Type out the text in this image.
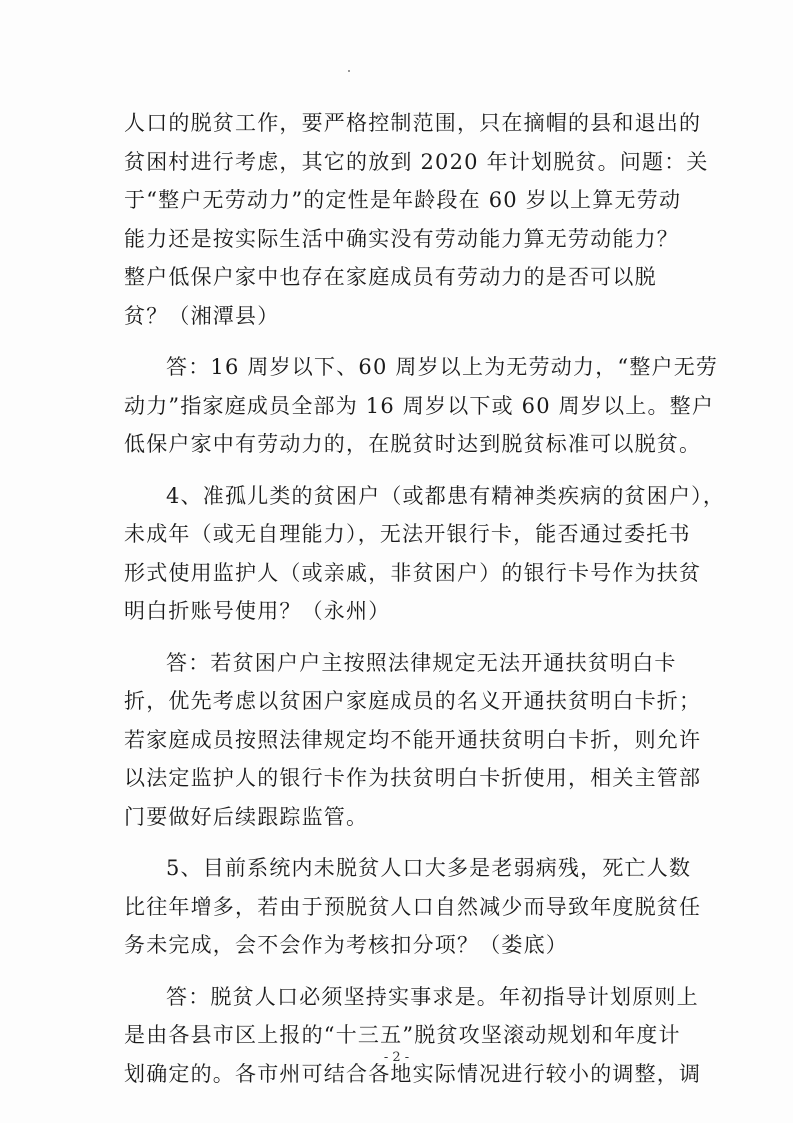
人口的脱贫工作，要严格控制范围，只在摘帽的县和退出的

贫困村进行考虑，其它的放到 2020 年计划脱贫。问题：关

于“整户无劳动力”的定性是年龄段在 60 岁以上算无劳动

能力还是按实际生活中确实没有劳动能力算无劳动能力？

整户低保户家中也存在家庭成员有劳动力的是否可以脱

贫？（湘潭县）

答：16 周岁以下、60 周岁以上为无劳动力，“整户无劳

动力”指家庭成员全部为 16 周岁以下或 60 周岁以上。整户

低保户家中有劳动力的，在脱贫时达到脱贫标准可以脱贫。

4、准孤儿类的贫困户（或都患有精神类疾病的贫困户），

未成年（或无自理能力），无法开银行卡，能否通过委托书

形式使用监护人（或亲戚，非贫困户）的银行卡号作为扶贫

明白折账号使用？（永州）

答：若贫困户户主按照法律规定无法开通扶贫明白卡

折，优先考虑以贫困户家庭成员的名义开通扶贫明白卡折；

若家庭成员按照法律规定均不能开通扶贫明白卡折，则允许

以法定监护人的银行卡作为扶贫明白卡折使用，相关主管部

门要做好后续跟踪监管。

5、目前系统内未脱贫人口大多是老弱病残，死亡人数

比往年增多，若由于预脱贫人口自然减少而导致年度脱贫任

务未完成，会不会作为考核扣分项？（娄底）

答：脱贫人口必须坚持实事求是。年初指导计划原则上

是由各县市区上报的“十三五”脱贫攻坚滚动规划和年度计

划确定的。各市州可结合各地实际情况进行较小的调整，调

- 2 -
